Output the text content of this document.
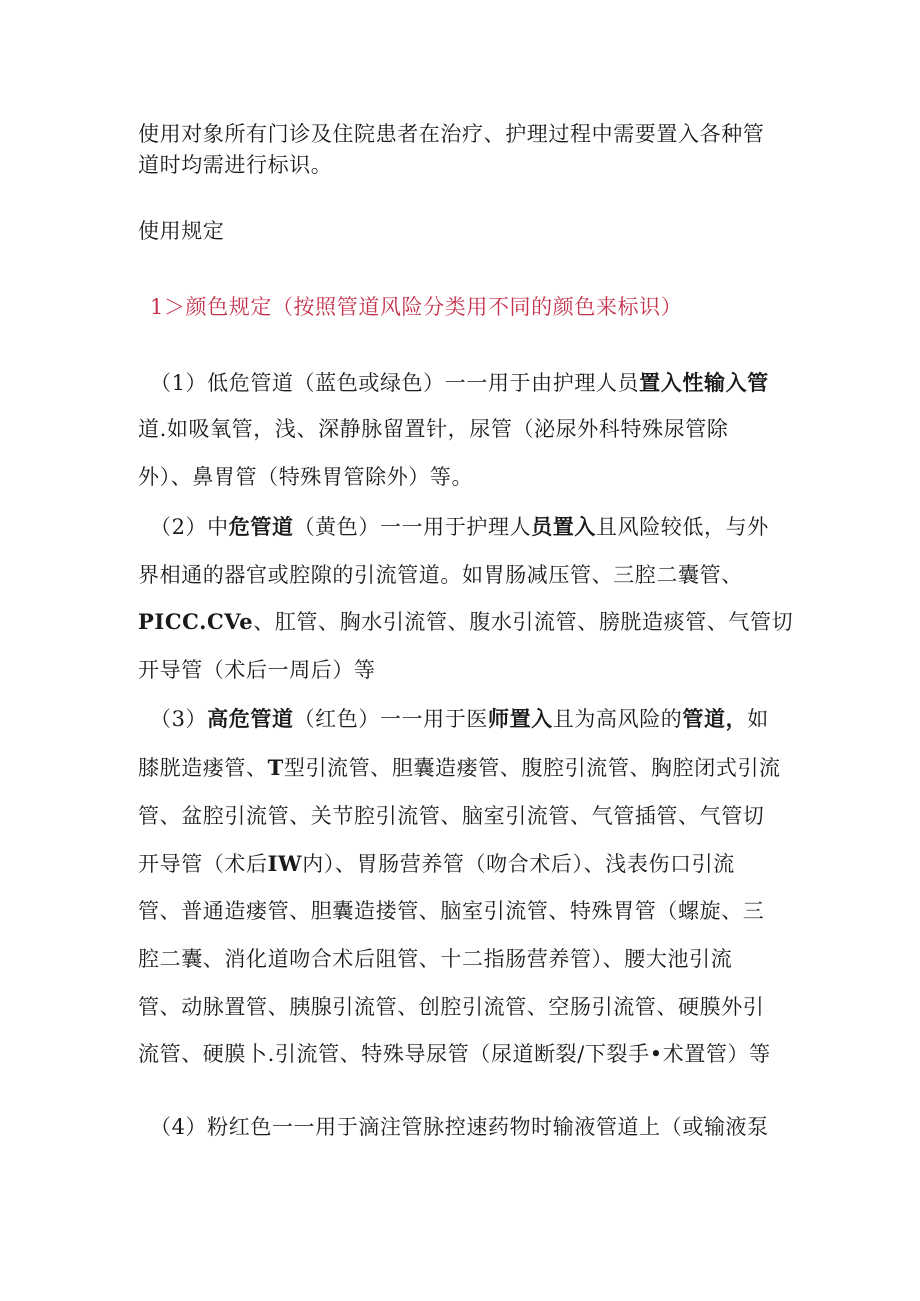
使用对象所有门诊及住院患者在治疗、护理过程中需要置入各种管
道时均需进行标识。
使用规定
1＞颜色规定（按照管道风险分类用不同的颜色来标识）
（1）低危管道（蓝色或绿色）一一用于由护理人员置入性输入管
道.如吸氧管，浅、深静脉留置针，尿管（泌尿外科特殊尿管除
外）、鼻胃管（特殊胃管除外）等。
（2）中危管道（黄色）一一用于护理人员置入且风险较低，与外
界相通的器官或腔隙的引流管道。如胃肠减压管、三腔二囊管、
PICC.CVe、肛管、胸水引流管、腹水引流管、膀胱造痰管、气管切
开导管（术后一周后）等
（3）高危管道（红色）一一用于医师置入且为高风险的管道，如
膝胱造瘘管、T型引流管、胆囊造瘘管、腹腔引流管、胸腔闭式引流
管、盆腔引流管、关节腔引流管、脑室引流管、气管插管、气管切
开导管（术后IW内）、胃肠营养管（吻合术后）、浅表伤口引流
管、普通造瘘管、胆囊造搂管、脑室引流管、特殊胃管（螺旋、三
腔二囊、消化道吻合术后阻管、十二指肠营养管）、腰大池引流
管、动脉置管、胰腺引流管、创腔引流管、空肠引流管、硬膜外引
流管、硬膜卜.引流管、特殊导尿管（尿道断裂/下裂手•术置管）等
（4）粉红色一一用于滴注管脉控速药物时输液管道上（或输液泵
